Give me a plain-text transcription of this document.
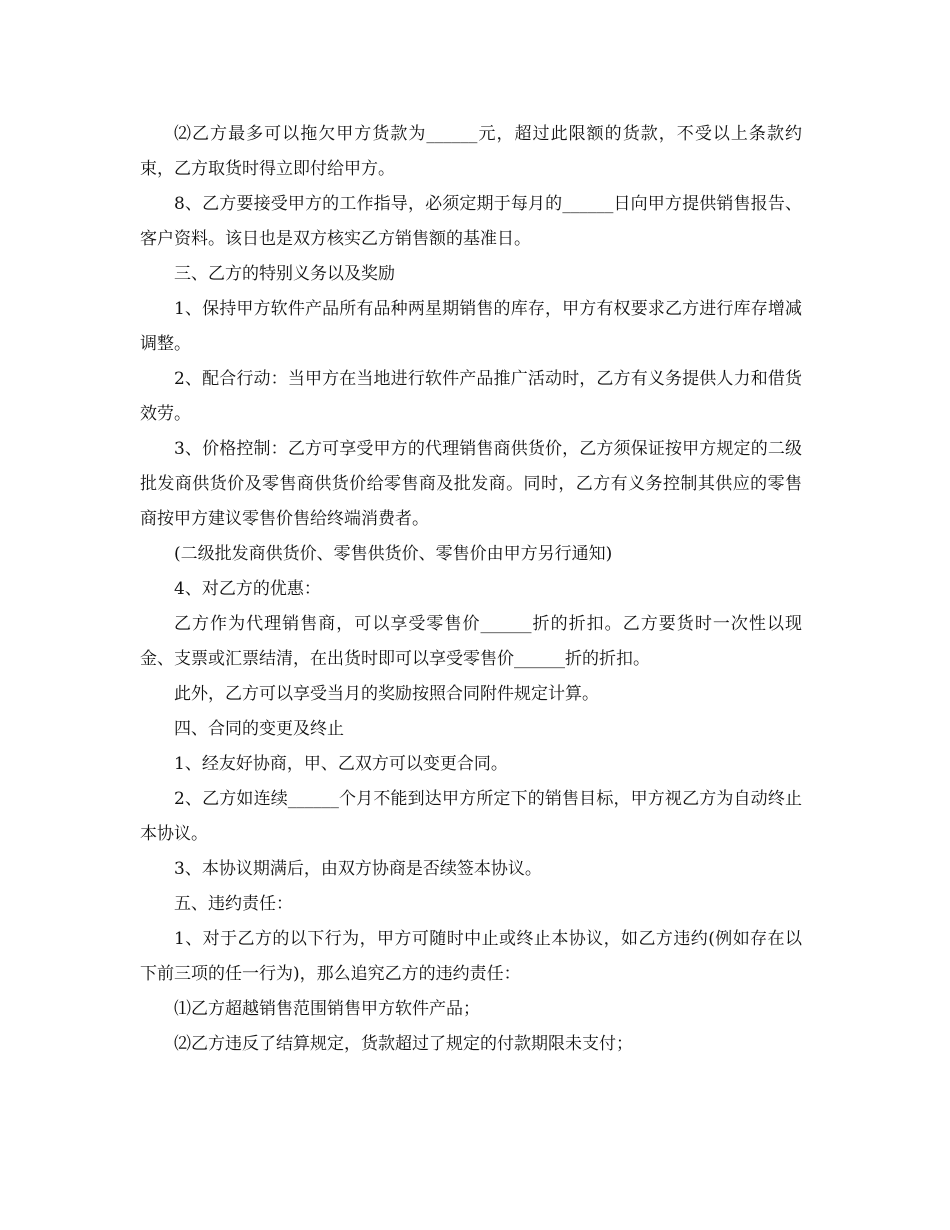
⑵乙方最多可以拖欠甲方货款为______元，超过此限额的货款，不受以上条款约束，乙方取货时得立即付给甲方。

8、乙方要接受甲方的工作指导，必须定期于每月的______日向甲方提供销售报告、客户资料。该日也是双方核实乙方销售额的基准日。

三、乙方的特别义务以及奖励

1、保持甲方软件产品所有品种两星期销售的库存，甲方有权要求乙方进行库存增减调整。

2、配合行动：当甲方在当地进行软件产品推广活动时，乙方有义务提供人力和借货效劳。

3、价格控制：乙方可享受甲方的代理销售商供货价，乙方须保证按甲方规定的二级批发商供货价及零售商供货价给零售商及批发商。同时，乙方有义务控制其供应的零售商按甲方建议零售价售给终端消费者。

(二级批发商供货价、零售供货价、零售价由甲方另行通知)

4、对乙方的优惠：

乙方作为代理销售商，可以享受零售价______折的折扣。乙方要货时一次性以现金、支票或汇票结清，在出货时即可以享受零售价______折的折扣。

此外，乙方可以享受当月的奖励按照合同附件规定计算。

四、合同的变更及终止

1、经友好协商，甲、乙双方可以变更合同。

2、乙方如连续______个月不能到达甲方所定下的销售目标，甲方视乙方为自动终止本协议。

3、本协议期满后，由双方协商是否续签本协议。

五、违约责任：

1、对于乙方的以下行为，甲方可随时中止或终止本协议，如乙方违约(例如存在以下前三项的任一行为)，那么追究乙方的违约责任：

⑴乙方超越销售范围销售甲方软件产品；

⑵乙方违反了结算规定，货款超过了规定的付款期限未支付；
